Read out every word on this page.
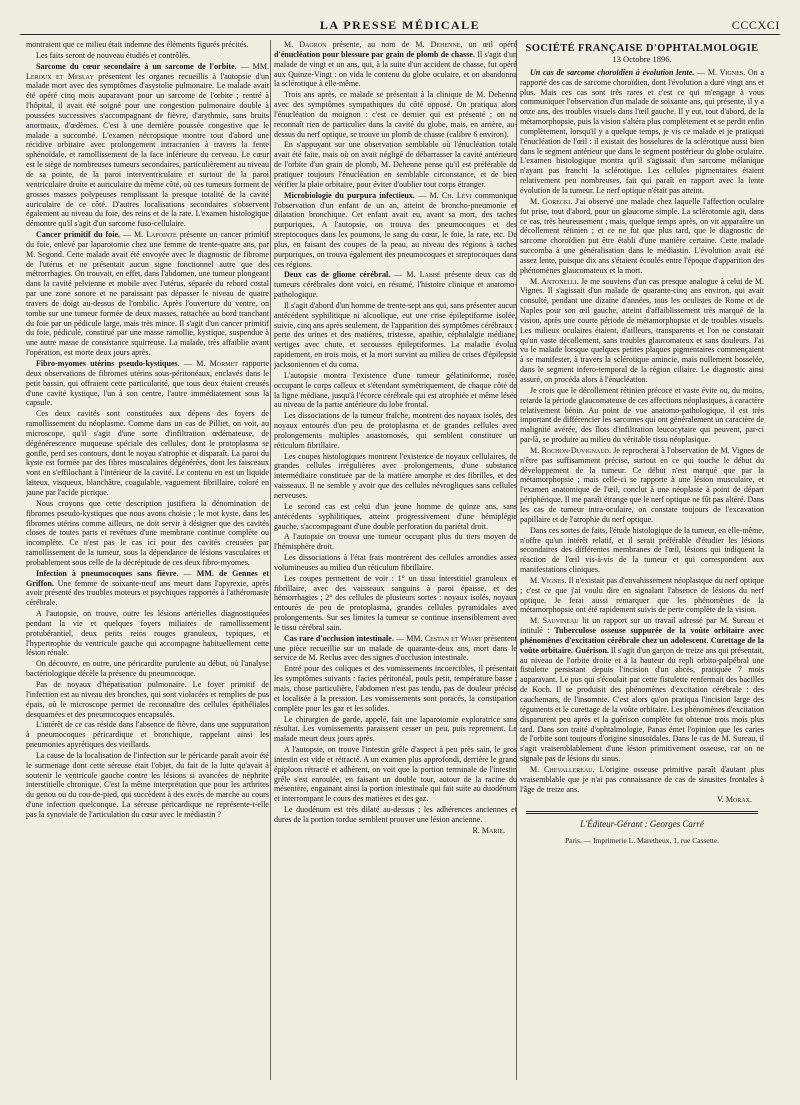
LA PRESSE MÉDICALE	CCCXCI

montraient que ce milieu était indemne des éléments figurés précités.

Les faits seront de nouveau étudiés et contrôlés.

Sarcome du cœur secondaire à un sarcome de l'orbite. — MM. Leroux et Meslay présentent les organes recueillis à l'autopsie d'un malade mort avec des symptômes d'asystolie pulmonaire. Le malade avait été opéré cinq mois auparavant pour un sarcome de l'orbite ; rentré à l'hôpital, il avait été soigné pour une congestion pulmonaire double à poussées successives s'accompagnant de fièvre, d'arythmie, sans bruits anormaux, d'œdèmes. C'est à une dernière poussée congestive que le malade a succombé. L'examen nécropsique montre tout d'abord une récidive orbitaire avec prolongement intracranien à travers la fente sphénoïdale, et ramollissement de la face inférieure du cerveau. Le cœur est le siège de nombreuses tumeurs secondaires, particulièrement au niveau de sa pointe, de la paroi interventriculaire et surtout de la paroi ventriculaire droite et auriculaire du même côté, où ces tumeurs forment de grosses masses polypeuses remplissant la presque totalité de la cavité auriculaire de ce côté. D'autres localisations secondaires s'observent également au niveau du foie, des reins et de la rate. L'examen histologique démontre qu'il s'agit d'un sarcome fuso-cellulaire.

Cancer primitif du foie. — M. Lapointe présente un cancer primitif du foie, enlevé par laparotomie chez une femme de trente-quatre ans, par M. Segond. Cette malade avait été envoyée avec le diagnostic de fibrome de l'utérus et ne présentait aucun signe fonctionnel autre que des métrorrhagies. On trouvait, en effet, dans l'abdomen, une tumeur plongeant dans la cavité pelvienne et mobile avec l'utérus, séparée du rebord costal par une zone sonore et ne paraissant pas dépasser le niveau de quatre travers de doigt au-dessus de l'ombilic. Après l'ouverture du ventre, on tombe sur une tumeur formée de deux masses, rattachée au bord tranchant du foie par un pédicule large, mais très mince. Il s'agit d'un cancer primitif du foie, pédiculé, constitué par une masse ramollie, kystique, suspendue à une autre masse de consistance squirreuse. La malade, très affaiblie avant l'opération, est morte deux jours après.

Fibro-myomes utérins pseudo-kystiques. — M. Mormet rapporte deux observations de fibromes utérins sous-péritonéaux, enclavés dans le petit bassin, qui offraient cette particularité, que tous deux étaient creusés d'une cavité kystique, l'un à son centre, l'autre immédiatement sous la capsule.

Ces deux cavités sont constituées aux dépens des foyers de ramollissement du néoplasme. Comme dans un cas de Pilliet, on voit, au microscope, qu'il s'agit d'une sorte d'infiltration œdémateuse, de dégénérescence muqueuse spéciale des cellules, dont le protoplasma se gonfle, perd ses contours, dont le noyau s'atrophie et disparaît. La paroi du kyste est formée par des fibres musculaires dégénérées, dont les faisceaux vont en s'effilochant à l'intérieur de la cavité. Le contenu en est un liquide laiteux, visqueux, blanchâtre, coagulable, vaguement fibrillaire, coloré en jaune par l'acide picrique.

Nous croyons que cette description justifiera la dénomination de fibromes pseudo-kystiques que nous avons choisie ; le mot kyste, dans les fibromes utérins comme ailleurs, ne doit servir à désigner que des cavités closes de toutes parts et revêtues d'une membrane continue complète ou incomplète. Ce n'est pas le cas ici pour des cavités creusées par ramollissement de la tumeur, sous la dépendance de lésions vasculaires et probablement sous celle de la décrépitude de ces deux fibro-myomes.

Infection à pneumocoques sans fièvre. — MM. de Gennes et Griffon. Une femme de soixante-neuf ans meurt dans l'apyrexie, après avoir présenté des troubles moteurs et psychiques rapportés à l'athéromasie cérébrale.

A l'autopsie, on trouve, outre les lésions artérielles diagnostiquées pendant la vie et quelques foyers miliaires de ramollissement protubérantiel, deux petits reins rouges granuleux, typiques, et l'hypertrophie du ventricule gauche qui accompagne habituellement cette lésion rénale.

On découvre, en outre, une péricardite purulente au début, où l'analyse bactériologique décèle la présence du pneumocoque.

Pas de noyaux d'hépatisation pulmonaire. Le foyer primitif de l'infection est au niveau des bronches, qui sont violacées et remplies de pus épais, où le microscope permet de reconnaître des cellules épithéliales desquamées et des pneumocoques encapsulés.

L'intérêt de ce cas réside dans l'absence de fièvre, dans une suppuration à pneumocoques péricardique et bronchique, rappelant ainsi les pneumonies apyrétiques des vieillards.

La cause de la localisation de l'infection sur le péricarde paraît avoir été le surmenage dont cette séreuse était l'objet, du fait de la lutte qu'avait à soutenir le ventricule gauche contre les lésions si avancées de néphrite interstitielle chronique. C'est la même interprétation que pour les arthrites du genou ou du cou-de-pied, qui succèdent à des excès de marche au cours d'une infection quelconque. La séreuse péricardique ne représente-t-elle pas la synoviale de l'articulation du cœur avec le médiastin ?

M. Dagron présente, au nom de M. Dehenne, un œil opéré d'énucléation pour blessure par grain de plomb de chasse. Il s'agit d'un malade de vingt et un ans, qui, à la suite d'un accident de chasse, fut opéré aux Quinze-Vingt : on vida le contenu du globe oculaire, et on abandonna la sclérotique à elle-même.

Trois ans après, ce malade se présentait à la clinique de M. Dehenne avec des symptômes sympathiques du côté opposé. On pratiqua alors l'énucléation du moignon : c'est ce dernier qui est présenté ; on ne reconnaît rien de particulier dans la cavité du globe, mais, en arrière, au-dessus du nerf optique, se trouve un plomb de chasse (calibre 6 environ).

En s'appuyant sur une observation semblable où l'énucléation totale avait été faite, mais où on avait négligé de débarrasser la cavité antérieure de l'orbite d'un grain de plomb, M. Dehenne pense qu'il est préférable de pratiquer toujours l'énucléation en semblable circonstance, et de bien vérifier la plaie orbitaire, pour éviter d'oublier tout corps étranger.

Microbiologie du purpura infectieux. — M. Ch. Lévi communique l'observation d'un enfant de un an, atteint de broncho-pneumonie et dilatation bronchique. Cet enfant avait eu, avant sa mort, des taches purpuriques. A l'autopsie, on trouva des pneumocoques et des streptocoques dans les poumons, le sang du cœur, le foie, la rate, etc. De plus, en faisant des coupes de la peau, au niveau des régions à taches purpuriques, on trouva également des pneumocoques et streptocoques dans ces régions.

Deux cas de gliome cérébral. — M. Labbé présente deux cas de tumeurs cérébrales dont voici, en résumé, l'histoire clinique et anatomo-pathologique.

Il s'agit d'abord d'un homme de trente-sept ans qui, sans présenter aucun antécédent syphilitique ni alcoolique, eut une crise épileptiforme isolée, suivie, cinq ans après seulement, de l'apparition des symptômes cérébraux : perte des urines et des matières, tristesse, apathie, céphalalgie médiane, vertiges avec chute, et secousses épileptiformes. La maladie évolua rapidement, en trois mois, et la mort survint au milieu de crises d'épilepsie jacksoniennes et du coma.

L'autopsie montra l'existence d'une tumeur gélatiniforme, rosée, occupant le corps calleux et s'étendant symétriquement, de chaque côté de la ligne médiane, jusqu'à l'écorce cérébrale qui est atrophiée et même lésée au niveau de la partie antérieure du lobe frontal.

Les dissociations de la tumeur fraîche, montrent des noyaux isolés, des noyaux entourés d'un peu de protoplasma et de grandes cellules avec prolongements multiples anastomosés, qui semblent constituer un réticulum fibrillaire.

Les coupes histologiques montrent l'existence de noyaux cellulaires, de grandes cellules irrégulières avec prolongements, d'une substance intermédiaire constituée par de la matière amorphe et des fibrilles, et des vaisseaux. Il ne semble y avoir que des cellules névrogliques sans cellules nerveuses.

Le second cas est celui d'un jeune homme de quinze ans, sans antécédents syphilitiques, atteint progressivement d'une hémiplégie gauche, s'accompagnant d'une double perforation du pariétal droit.

A l'autopsie on trouva une tumeur occupant plus du tiers moyen de l'hémisphère droit.

Les dissociations à l'état frais montrèrent des cellules arrondies assez volumineuses au milieu d'un réticulum fibrillaire.

Les coupes permettent de voir : 1° un tissu interstitiel granuleux et fibrillaire, avec des vaisseaux sanguins à paroi épaisse, et des hémorrhagies ; 2° des cellules de plusieurs sortes : noyaux isolés, noyaux entourés de peu de protoplasma, grandes cellules pyramidales avec prolongements. Sur ses limites la tumeur se continue insensiblement avec le tissu cérébral sain.

Cas rare d'occlusion intestinale. — MM. Cestan et Wiart présentent une pièce recueillie sur un malade de quarante-deux ans, mort dans le service de M. Reclus avec des signes d'occlusion intestinale.

Entré pour des coliques et des vomissements incoercibles, il présentait les symptômes suivants : facies péritonéal, pouls petit, température basse ; mais, chose particulière, l'abdomen n'est pas tendu, pas de douleur précise et localisée à la pression. Les vomissements sont poracés, la constipation complète pour les gaz et les solides.

Le chirurgien de garde, appelé, fait une laparotomie exploratrice sans résultat. Les vomissements paraissent cesser un peu, puis reprennent. Le malade meurt deux jours après.

A l'autopsie, on trouve l'intestin grêle d'aspect à peu près sain, le gros intestin est vide et rétracté. A un examen plus approfondi, derrière le grand épiploon rétracté et adhérent, on voit que la portion terminale de l'intestin grêle s'est enroulée, en faisant un double tour, autour de la racine du mésentère, engainant ainsi la portion intestinale qui fait suite au duodénum et interrompant le cours des matières et des gaz.

Le duodénum est très dilaté au-dessus ; les adhérences anciennes et dures de la portion tordue semblent prouver une lésion ancienne.

R. Marie.

SOCIÉTÉ FRANÇAISE D'OPHTALMOLOGIE
13 Octobre 1896.

Un cas de sarcome choroïdien à évolution lente. — M. Vignes. On a rapporté des cas de sarcome choroïdien, dont l'évolution a duré vingt ans et plus. Mais ces cas sont très rares et c'est ce qui m'engage à vous communiquer l'observation d'un malade de soixante ans, qui présente, il y a onze ans, des troubles visuels dans l'œil gauche. Il y eut, tout d'abord, de la métamorphopsie, puis la vision s'altéra plus complètement et se perdit enfin complètement, lorsqu'il y a quelque temps, je vis ce malade et je pratiquai l'énucléation de l'œil : il existait des bosselures de la sclérotique aussi bien dans le segment antérieur que dans le segment postérieur du globe oculaire. L'examen histologique montra qu'il s'agissait d'un sarcome mélanique n'ayant pas franchi la sclérotique. Les cellules pigmentaires étaient relativement peu nombreuses, fait qui paraît en rapport avec la lente évolution de la tumeur. Le nerf optique n'était pas atteint.

M. Gorecki. J'ai observé une malade chez laquelle l'affection oculaire fut prise, tout d'abord, pour un glaucome simple. La sclérotomie agit, dans ce cas, très heureusement ; mais, quelque temps après, on vit apparaître un décollement rétinien ; et ce ne fut que plus tard, que le diagnostic de sarcome choroïdien put être établi d'une manière certaine. Cette malade succomba à une généralisation dans le médiastin. L'évolution avait été assez lente, puisque dix ans s'étaient écoulés entre l'époque d'apparition des phénomènes glaucomateux et la mort.

M. Antonelli. Je me souviens d'un cas presque analogue à celui de M. Vignes. Il s'agissait d'un malade de quarante-cinq ans environ, qui avait consulté, pendant une dizaine d'années, tous les oculistes de Rome et de Naples pour son œil gauche, atteint d'affaiblissement très marqué de la vision, après une courte période de métamorphopsie et de troubles visuels. Les milieux oculaires étaient, d'ailleurs, transparents et l'on ne constatait qu'un vaste décollement, sans troubles glaucomateux et sans douleurs. J'ai vu le malade lorsque quelques petites plaques pigmentaires commençaient à se manifester, à travers la sclérotique amincie, mais nullement bosselée, dans le segment infero-temporal de la région ciliaire. Le diagnostic ainsi assuré, on procéda alors à l'énucléation.

Je crois que le décollement rétinien précoce et vaste évite ou, du moins, retarde la période glaucomateuse de ces affections néoplasiques, à caractère relativement bénin. Au point de vue anatomo-pathologique, il est très important de différencier les sarcomes qui ont généralement un caractère de malignité avérée, des îlots d'infiltration leucocytaire qui peuvent, par-ci par-là, se produire au milieu du véritable tissu néoplasique.

M. Rochon-Duvignaud. Je reprocherai à l'observation de M. Vignes de n'être pas suffisamment précise, surtout en ce qui touche le début du développement de la tumeur. Ce début n'est marqué que par la métamorphopsie ; mais celle-ci se rapporte à une lésion musculaire, et l'examen anatomique de l'œil, conclut à une néoplasie à point de départ périphérique. Il me paraît étrange que le nerf optique ne fût pas altéré. Dans les cas de tumeur intra-oculaire, on constate toujours de l'excavation papillaire et de l'atrophie du nerf optique.

Dans ces sortes de faits, l'étude histologique de la tumeur, en elle-même, n'offre qu'un intérêt relatif, et il serait préférable d'étudier les lésions secondaires des différentes membranes de l'œil, lésions qui indiquent la réaction de l'œil vis-à-vis de la tumeur et qui correspondent aux manifestations cliniques.

M. Vignes. Il n'existait pas d'envahissement néoplasique du nerf optique ; c'est ce que j'ai voulu dire en signalant l'absence de lésions du nerf optique. Je ferai aussi remarquer que les phénomènes de la métamorphopsie ont été rapidement suivis de perte complète de la vision.

M. Sauvineau lit un rapport sur un travail adressé par M. Sureau et intitulé : Tuberculose osseuse suppurée de la voûte orbitaire avec phénomènes d'excitation cérébrale chez un adolescent. Curettage de la voûte orbitaire. Guérison. Il s'agit d'un garçon de treize ans qui présentait, au niveau de l'orbite droite et à la hauteur du repli orbito-palpébral une fistulette persistant depuis l'incision d'un abcès, pratiquée 7 mois auparavant. Le pus qui s'écoulait par cette fistulette renfermait des bacilles de Koch. Il se produisit des phénomènes d'excitation cérébrale : des cauchemars, de l'insomnie. C'est alors qu'on pratiqua l'incision large des téguments et le curettage de la voûte orbitaire. Les phénomènes d'excitation disparurent peu après et la guérison complète fut obtenue trois mois plus tard. Dans son traité d'ophtalmologie, Panas émet l'opinion que les caries de l'orbite sont toujours d'origine sinusoïdales. Dans le cas de M. Sureau, il s'agit vraisemblablement d'une lésion primitivement osseuse, car on ne signale pas de lésions du sinus.

M. Chevallereau. L'origine osseuse primitive paraît d'autant plus vraisemblable que je n'ai pas connaissance de cas de sinusites frontales à l'âge de treize ans.

V. Morax.

L'Éditeur-Gérant : Georges Carré

Paris. — Imprimerie L. Maretheux, 1, rue Cassette.
